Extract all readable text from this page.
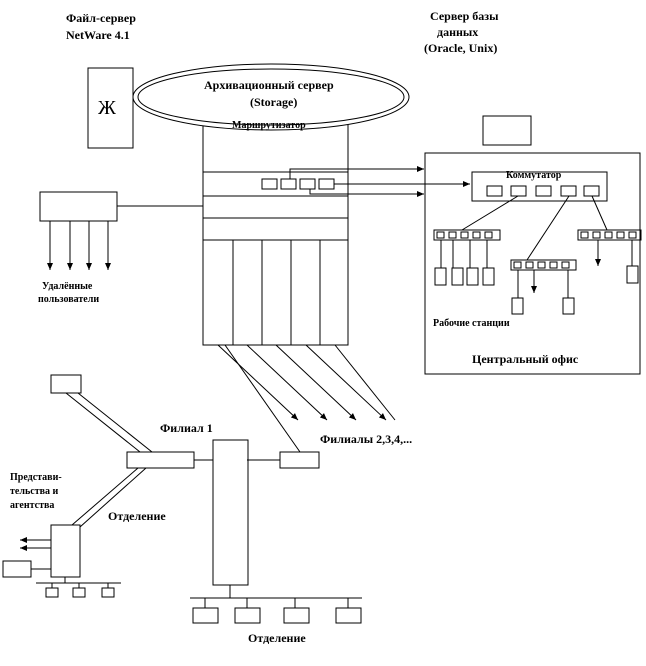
Файл-сервер
NetWare 4.1
Сервер базы
данных
(Oracle, Unix)
Ж
Архивационный сервер
(Storage)
Маршрутизатор
Коммутатор
Удалённые
пользователи
Рабочие станции
Центральный офис
Филиал 1
Филиалы 2,3,4,...
Представи-
тельства и
агентства
Отделение
Отделение
